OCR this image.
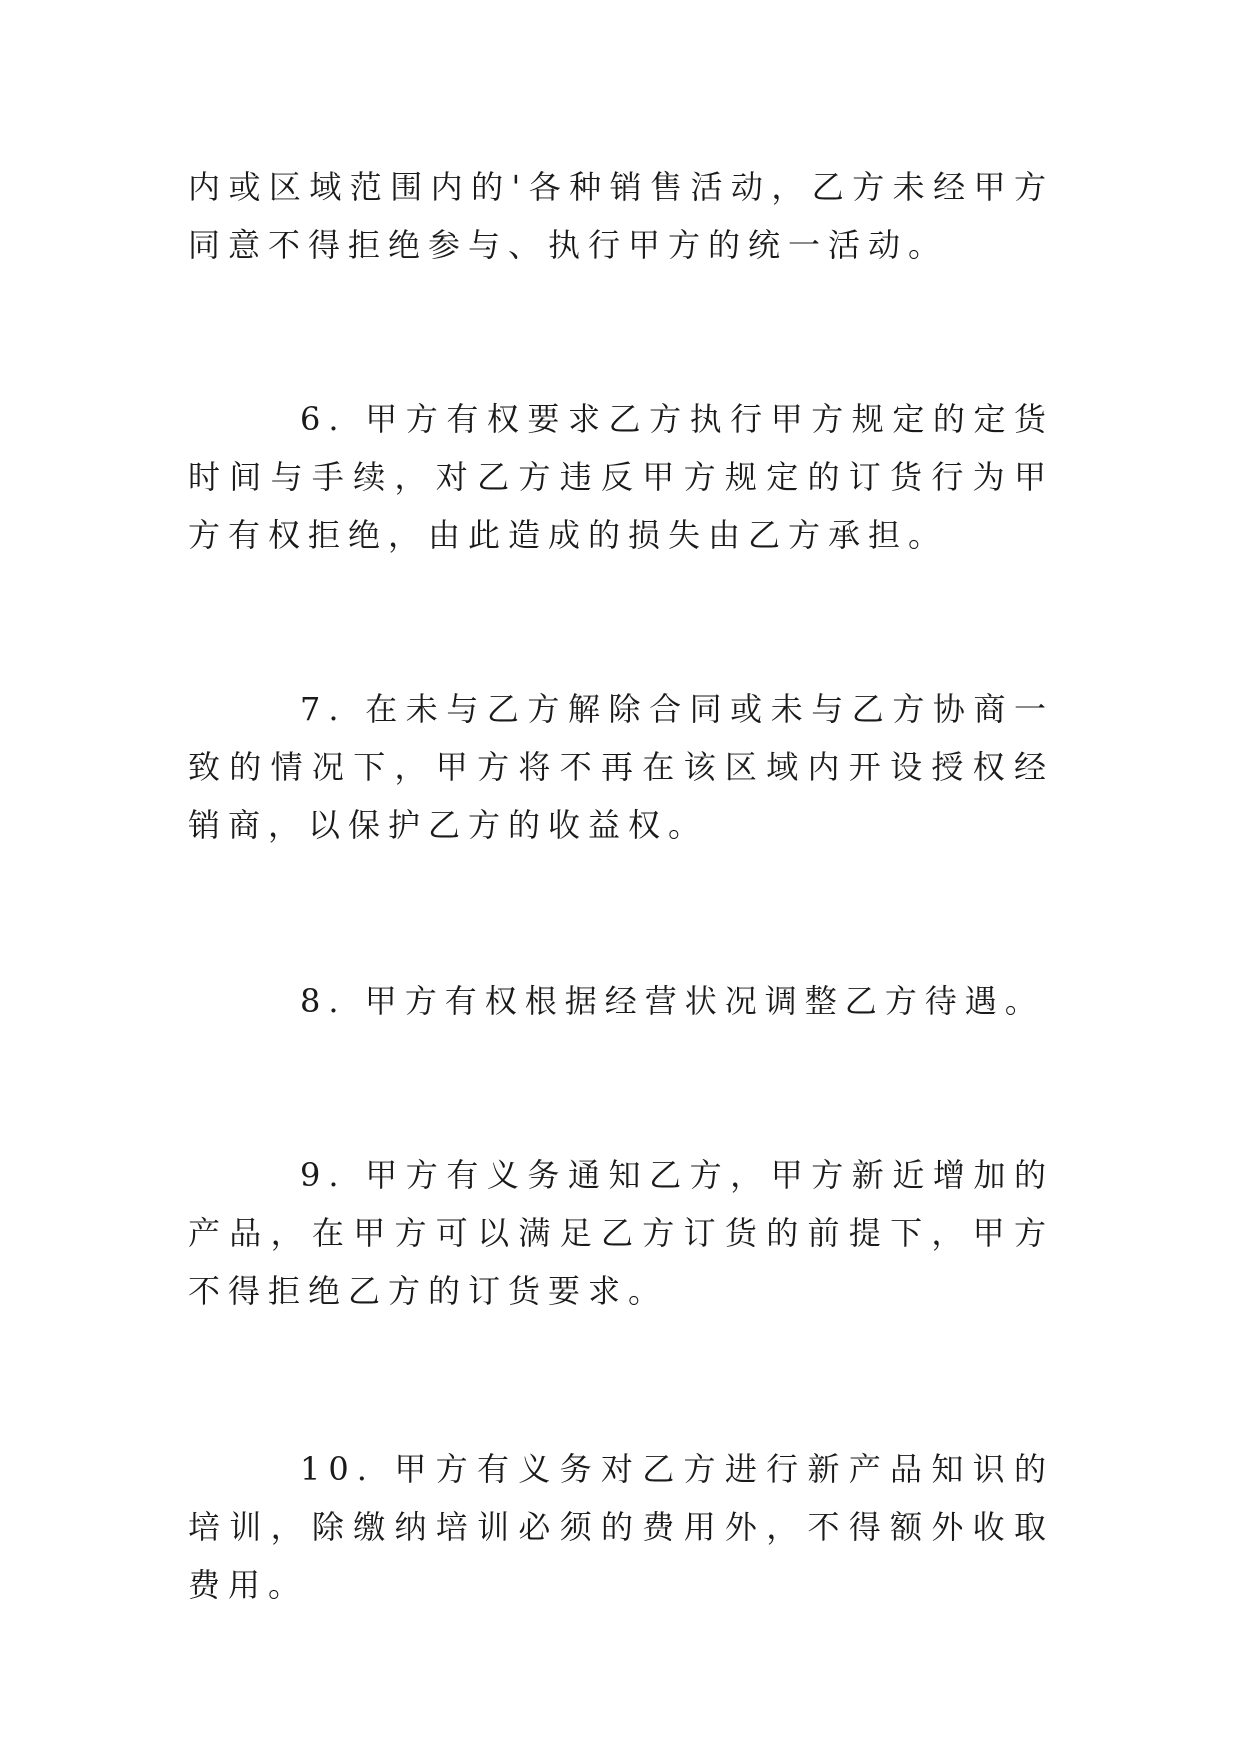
内或区域范围内的'各种销售活动，乙方未经甲方同意不得拒绝参与、执行甲方的统一活动。

6. 甲方有权要求乙方执行甲方规定的定货时间与手续，对乙方违反甲方规定的订货行为甲方有权拒绝，由此造成的损失由乙方承担。

7. 在未与乙方解除合同或未与乙方协商一致的情况下，甲方将不再在该区域内开设授权经销商，以保护乙方的收益权。

8. 甲方有权根据经营状况调整乙方待遇。

9. 甲方有义务通知乙方，甲方新近增加的产品，在甲方可以满足乙方订货的前提下，甲方不得拒绝乙方的订货要求。

10. 甲方有义务对乙方进行新产品知识的培训，除缴纳培训必须的费用外，不得额外收取费用。
